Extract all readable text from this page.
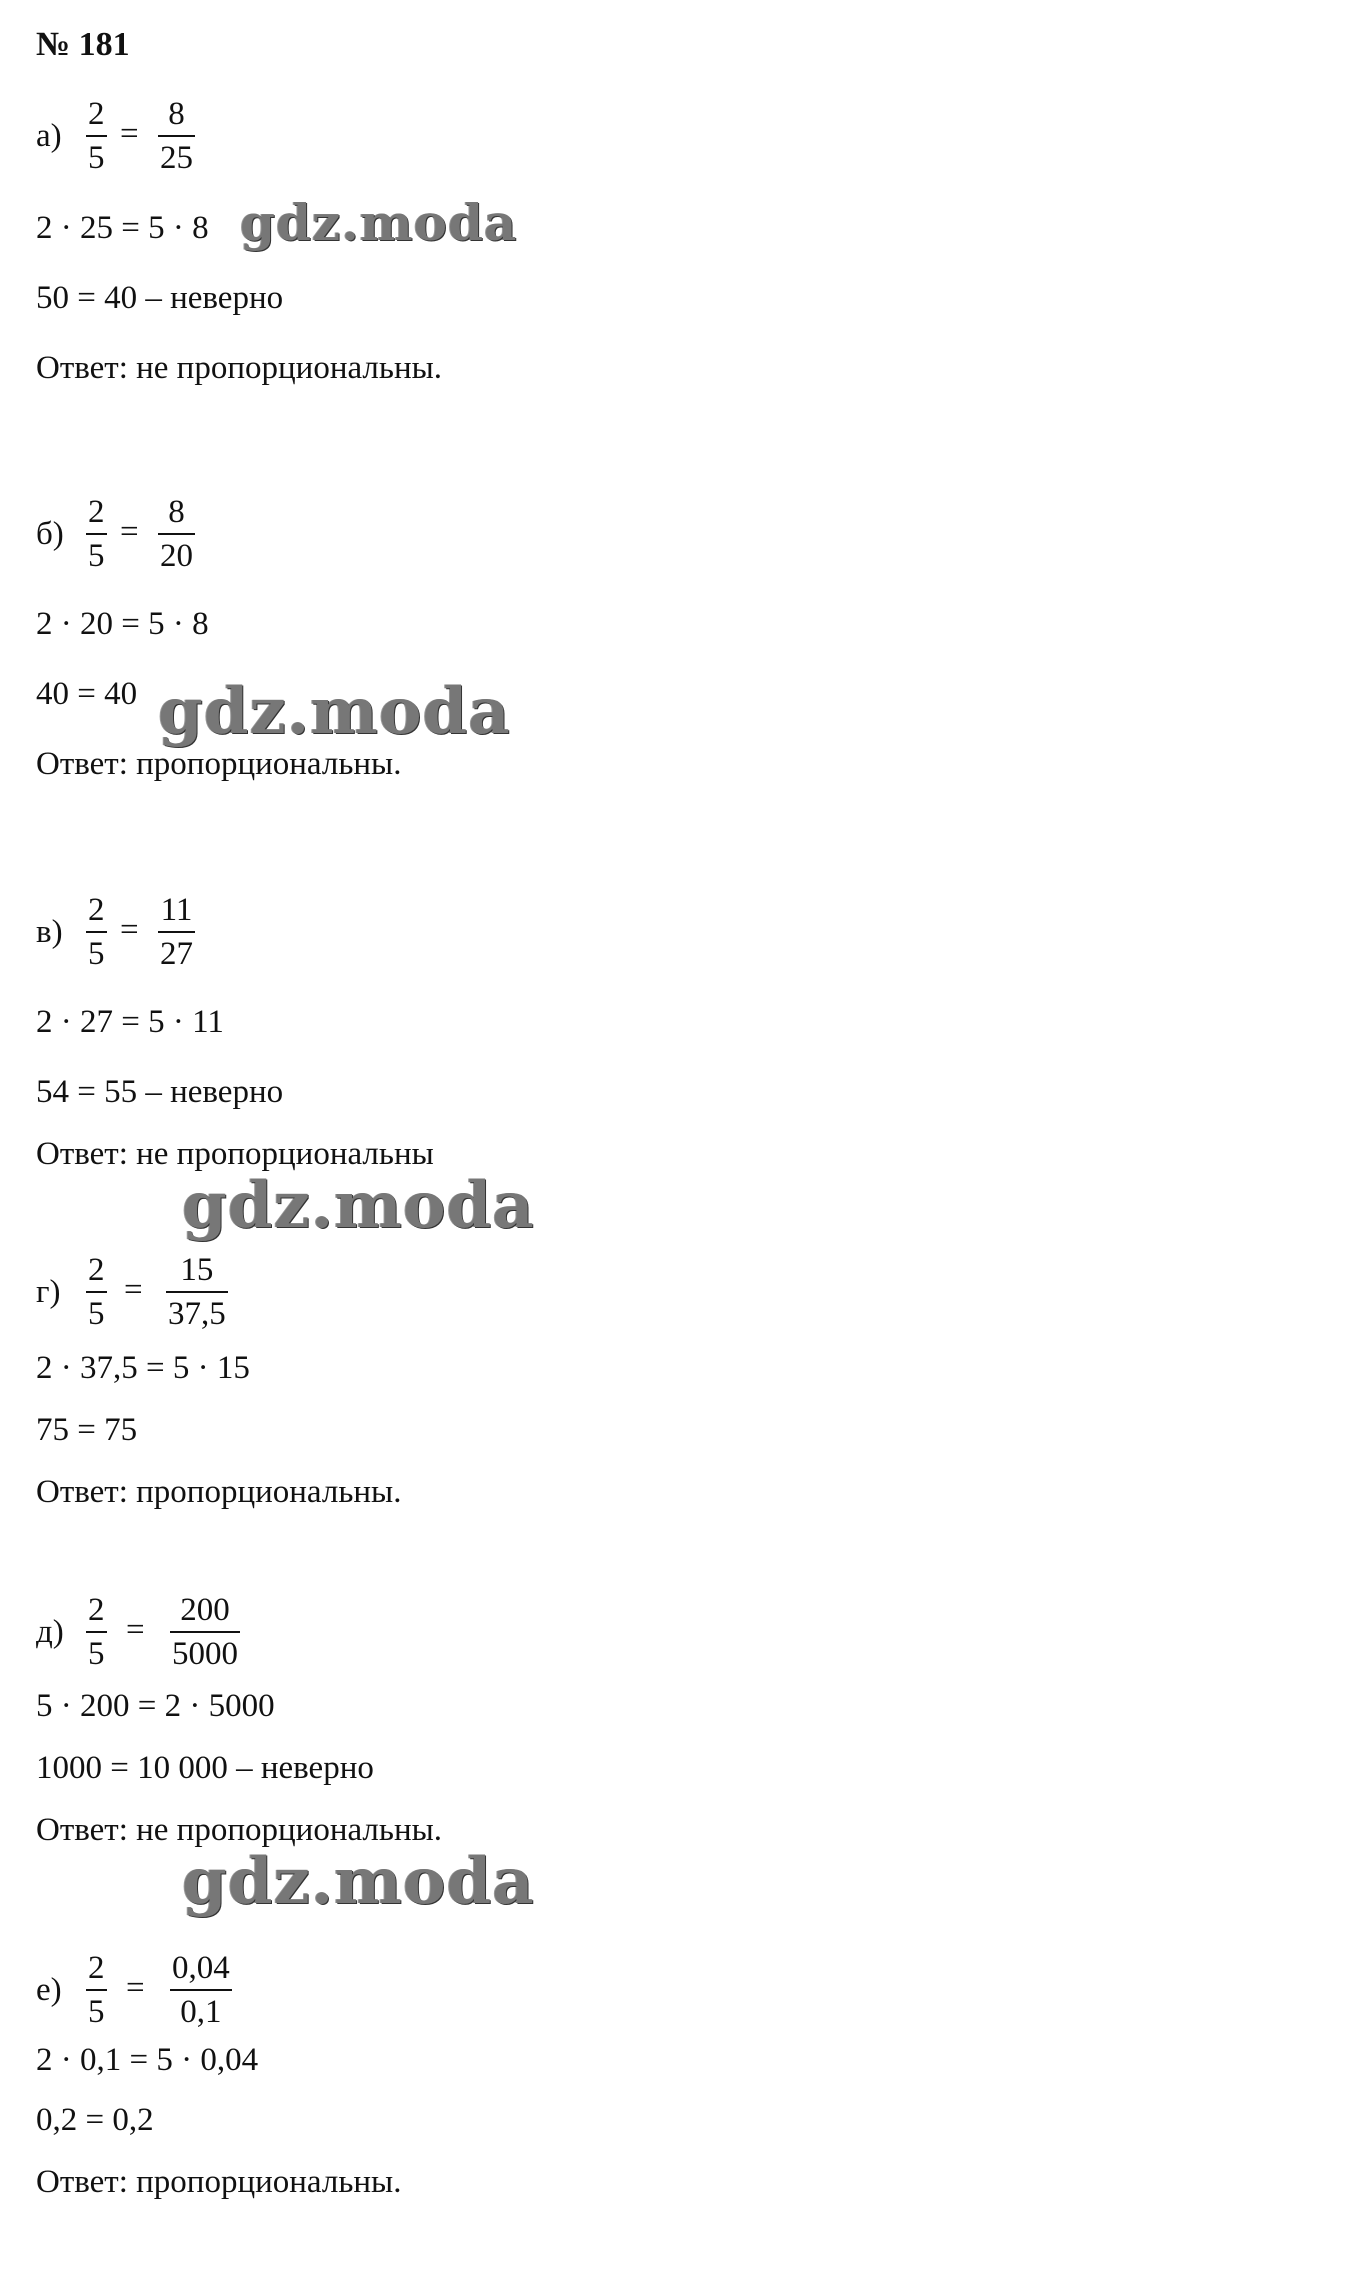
№ 181
а)
2
5
=
8
25
2 · 25 = 5 · 8
50 = 40 – неверно
Ответ: не пропорциональны.
б)
2
5
=
8
20
2 · 20 = 5 · 8
40 = 40
Ответ: пропорциональны.
в)
2
5
=
11
27
2 · 27 = 5 · 11
54 = 55 – неверно
Ответ: не пропорциональны
г)
2
5
=
15
37,5
2 · 37,5 = 5 · 15
75 = 75
Ответ: пропорциональны.
д)
2
5
=
200
5000
5 · 200 = 2 · 5000
1000 = 10 000 – неверно
Ответ: не пропорциональны.
е)
2
5
=
0,04
0,1
2 · 0,1 = 5 · 0,04
0,2 = 0,2
Ответ: пропорциональны.
gdz.moda
gdz.moda
gdz.moda
gdz.moda
